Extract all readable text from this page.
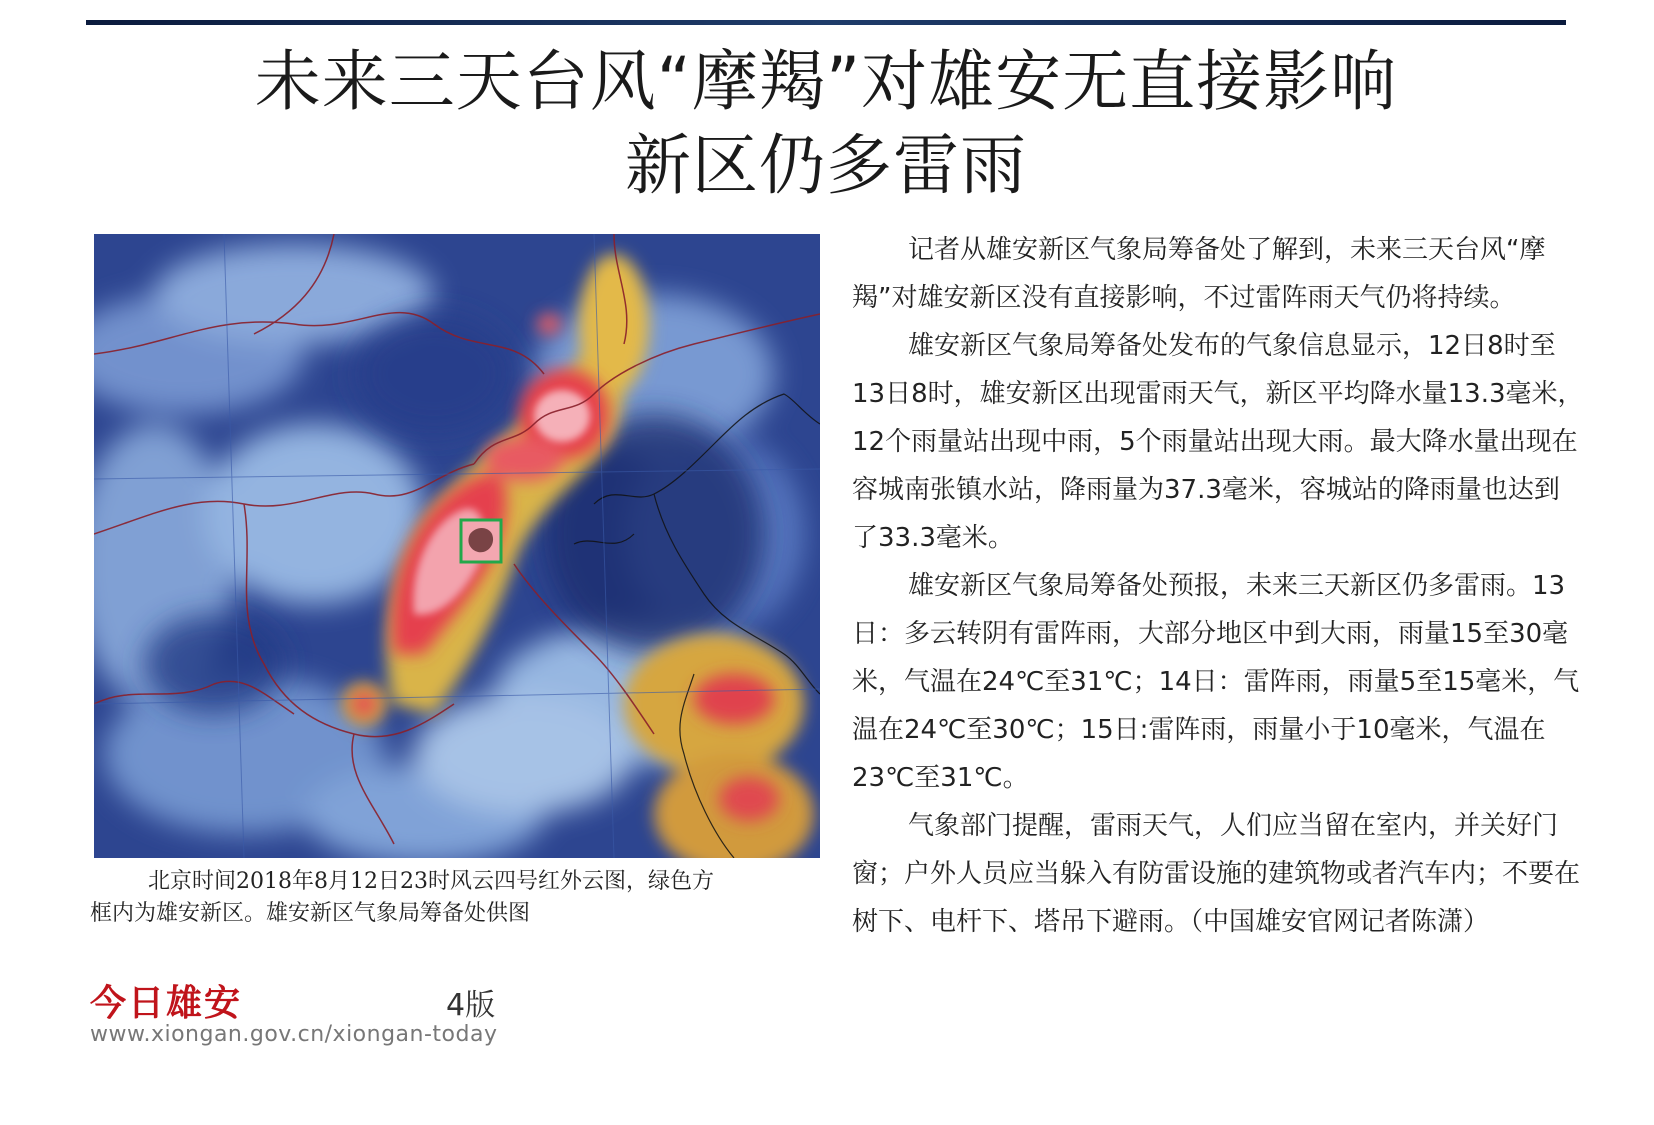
未来三天台风“摩羯”对雄安无直接影响
新区仍多雷雨
北京时间2018年8月12日23时风云四号红外云图，绿色方
框内为雄安新区。雄安新区气象局筹备处供图
今日雄安	4版
www.xiongan.gov.cn/xiongan-today

记者从雄安新区气象局筹备处了解到，未来三天台风“摩羯”对雄安新区没有直接影响，不过雷阵雨天气仍将持续。

雄安新区气象局筹备处发布的气象信息显示，12日8时至13日8时，雄安新区出现雷雨天气，新区平均降水量13.3毫米，12个雨量站出现中雨，5个雨量站出现大雨。最大降水量出现在容城南张镇水站，降雨量为37.3毫米，容城站的降雨量也达到了33.3毫米。

雄安新区气象局筹备处预报，未来三天新区仍多雷雨。13日：多云转阴有雷阵雨，大部分地区中到大雨，雨量15至30毫米，气温在24℃至31℃；14日：雷阵雨，雨量5至15毫米，气温在24℃至30℃；15日:雷阵雨，雨量小于10毫米，气温在23℃至31℃。

气象部门提醒，雷雨天气，人们应当留在室内，并关好门窗；户外人员应当躲入有防雷设施的建筑物或者汽车内；不要在树下、电杆下、塔吊下避雨。（中国雄安官网记者陈潇）
